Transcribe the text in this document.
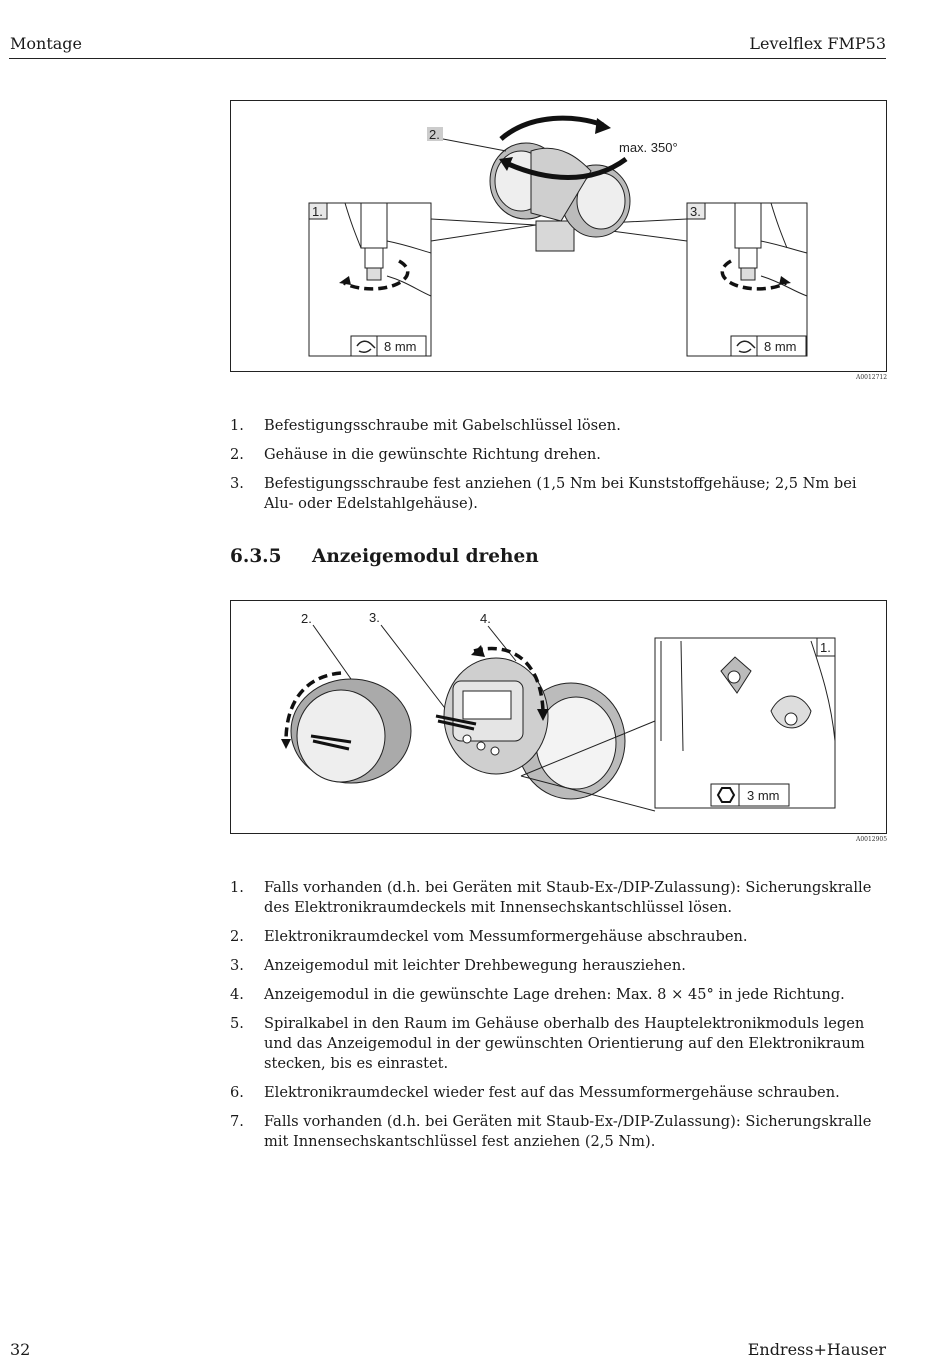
Montage	Levelflex FMP53
1.
8 mm
3.
8 mm
2.
max. 350°
A0012712
1. Befestigungsschraube mit Gabelschlüssel lösen.
2. Gehäuse in die gewünschte Richtung drehen.
3. Befestigungsschraube fest anziehen (1,5 Nm bei Kunststoffgehäuse; 2,5 Nm bei Alu- oder Edelstahlgehäuse).
6.3.5 Anzeigemodul drehen
2.	3.	4.
1.
3 mm
A0012905
1. Falls vorhanden (d.h. bei Geräten mit Staub-Ex-/DIP-Zulassung): Sicherungskralle des Elektronikraumdeckels mit Innensechskantschlüssel lösen.
2. Elektronikraumdeckel vom Messumformergehäuse abschrauben.
3. Anzeigemodul mit leichter Drehbewegung herausziehen.
4. Anzeigemodul in die gewünschte Lage drehen: Max. 8 × 45° in jede Richtung.
5. Spiralkabel in den Raum im Gehäuse oberhalb des Hauptelektronikmoduls legen und das Anzeigemodul in der gewünschten Orientierung auf den Elektronikraum stecken, bis es einrastet.
6. Elektronikraumdeckel wieder fest auf das Messumformergehäuse schrauben.
7. Falls vorhanden (d.h. bei Geräten mit Staub-Ex-/DIP-Zulassung): Sicherungskralle mit Innensechskantschlüssel fest anziehen (2,5 Nm).
32	Endress+Hauser
